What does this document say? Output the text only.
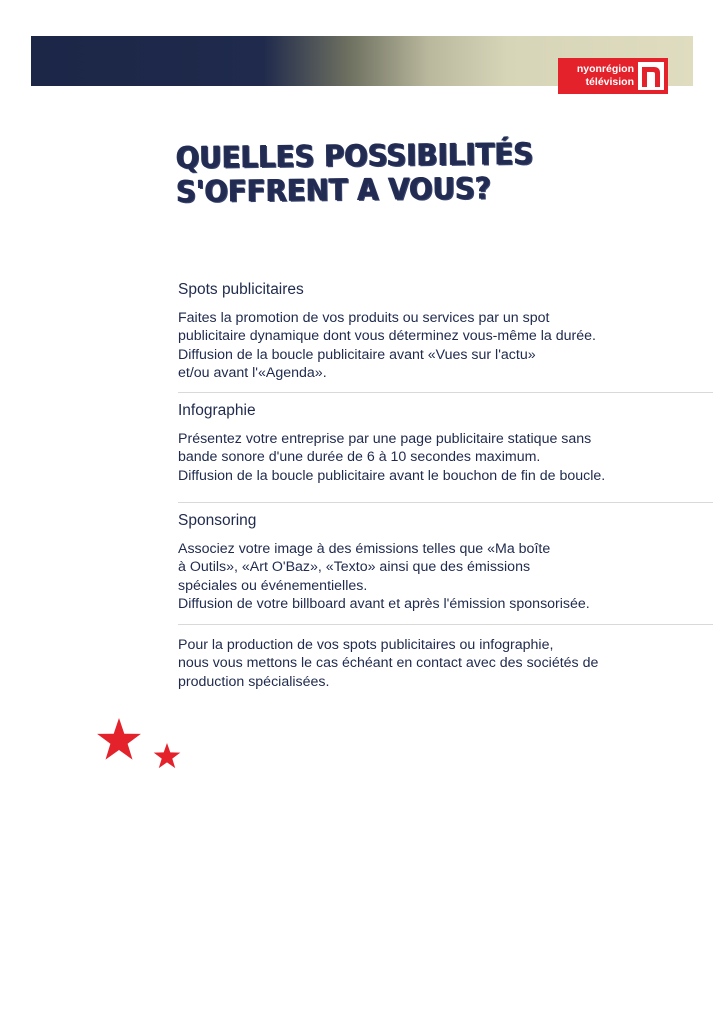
nyonrégion
télévision
QUELLES POSSIBILITÉS
S'OFFRENT A VOUS?
Spots publicitaires

Faites la promotion de vos produits ou services par un spot
publicitaire dynamique dont vous déterminez vous-même la durée.
Diffusion de la boucle publicitaire avant «Vues sur l'actu»
et/ou avant l'«Agenda».

Infographie

Présentez votre entreprise par une page publicitaire statique sans
bande sonore d'une durée de 6 à 10 secondes maximum.
Diffusion de la boucle publicitaire avant le bouchon de fin de boucle.

Sponsoring

Associez votre image à des émissions telles que «Ma boîte
à Outils», «Art O'Baz», «Texto» ainsi que des émissions
spéciales ou événementielles.
Diffusion de votre billboard avant et après l'émission sponsorisée.

Pour la production de vos spots publicitaires ou infographie,
nous vous mettons le cas échéant en contact avec des sociétés de
production spécialisées.
